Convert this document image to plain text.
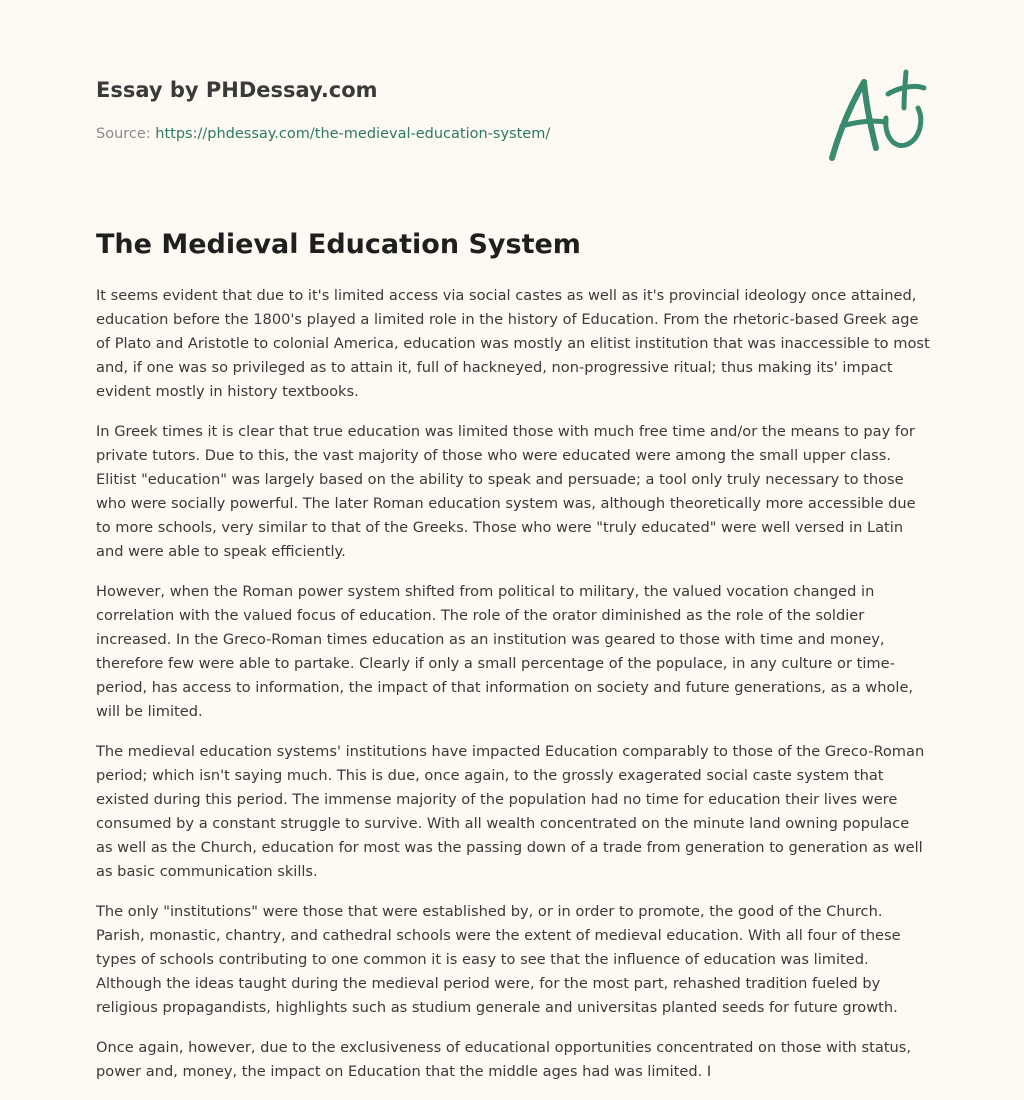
Essay by PHDessay.com
Source: https://phdessay.com/the-medieval-education-system/
The Medieval Education System

It seems evident that due to it's limited access via social castes as well as it's provincial ideology once attained, education before the 1800's played a limited role in the history of Education. From the rhetoric-based Greek age of Plato and Aristotle to colonial America, education was mostly an elitist institution that was inaccessible to most and, if one was so privileged as to attain it, full of hackneyed, non-progressive ritual; thus making its' impact evident mostly in history textbooks.

In Greek times it is clear that true education was limited those with much free time and/or the means to pay for private tutors. Due to this, the vast majority of those who were educated were among the small upper class. Elitist "education" was largely based on the ability to speak and persuade; a tool only truly necessary to those who were socially powerful. The later Roman education system was, although theoretically more accessible due to more schools, very similar to that of the Greeks. Those who were "truly educated" were well versed in Latin and were able to speak efficiently.

However, when the Roman power system shifted from political to military, the valued vocation changed in correlation with the valued focus of education. The role of the orator diminished as the role of the soldier increased. In the Greco-Roman times education as an institution was geared to those with time and money, therefore few were able to partake. Clearly if only a small percentage of the populace, in any culture or time-period, has access to information, the impact of that information on society and future generations, as a whole, will be limited.

The medieval education systems' institutions have impacted Education comparably to those of the Greco-Roman period; which isn't saying much. This is due, once again, to the grossly exagerated social caste system that existed during this period. The immense majority of the population had no time for education their lives were consumed by a constant struggle to survive. With all wealth concentrated on the minute land owning populace as well as the Church, education for most was the passing down of a trade from generation to generation as well as basic communication skills.

The only "institutions" were those that were established by, or in order to promote, the good of the Church. Parish, monastic, chantry, and cathedral schools were the extent of medieval education. With all four of these types of schools contributing to one common it is easy to see that the influence of education was limited. Although the ideas taught during the medieval period were, for the most part, rehashed tradition fueled by religious propagandists, highlights such as studium generale and universitas planted seeds for future growth.

Once again, however, due to the exclusiveness of educational opportunities concentrated on those with status, power and, money, the impact on Education that the middle ages had was limited. I
